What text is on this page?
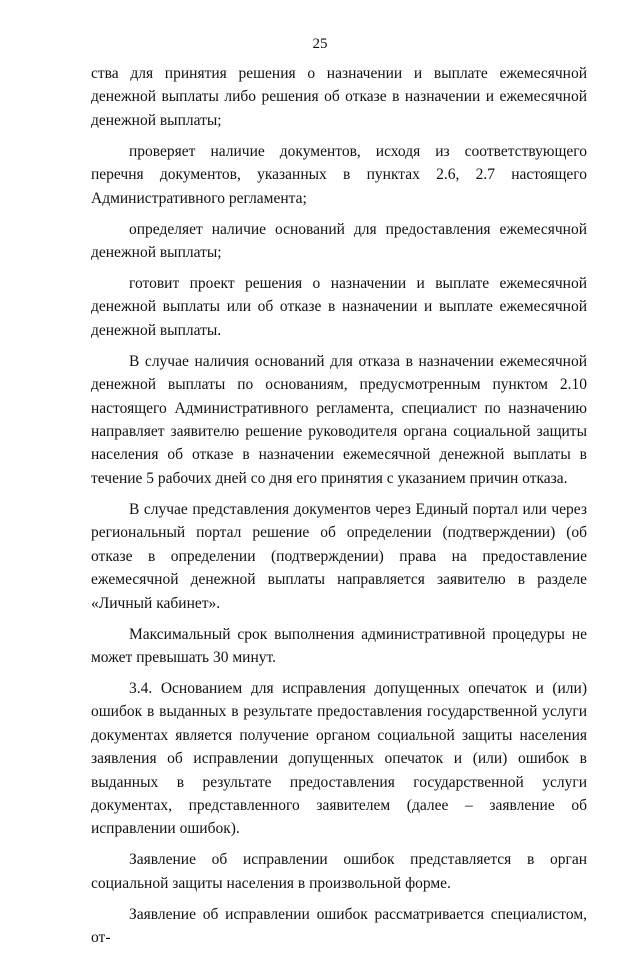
25

ства для принятия решения о назначении и выплате ежемесячной денежной выплаты либо решения об отказе в назначении и ежемесячной денежной выплаты;

проверяет наличие документов, исходя из соответствующего перечня документов, указанных в пунктах 2.6, 2.7 настоящего Административного регламента;

определяет наличие оснований для предоставления ежемесячной денежной выплаты;

готовит проект решения о назначении и выплате ежемесячной денежной выплаты или об отказе в назначении и выплате ежемесячной денежной выплаты.

В случае наличия оснований для отказа в назначении ежемесячной денежной выплаты по основаниям, предусмотренным пунктом 2.10 настоящего Административного регламента, специалист по назначению направляет заявителю решение руководителя органа социальной защиты населения об отказе в назначении ежемесячной денежной выплаты в течение 5 рабочих дней со дня его принятия с указанием причин отказа.

В случае представления документов через Единый портал или через региональный портал решение об определении (подтверждении) (об отказе в определении (подтверждении) права на предоставление ежемесячной денежной выплаты направляется заявителю в разделе «Личный кабинет».

Максимальный срок выполнения административной процедуры не может превышать 30 минут.

3.4. Основанием для исправления допущенных опечаток и (или) ошибок в выданных в результате предоставления государственной услуги документах является получение органом социальной защиты населения заявления об исправлении допущенных опечаток и (или) ошибок в выданных в результате предоставления государственной услуги документах, представленного заявителем (далее – заявление об исправлении ошибок).

Заявление об исправлении ошибок представляется в орган социальной защиты населения в произвольной форме.

Заявление об исправлении ошибок рассматривается специалистом, от-
